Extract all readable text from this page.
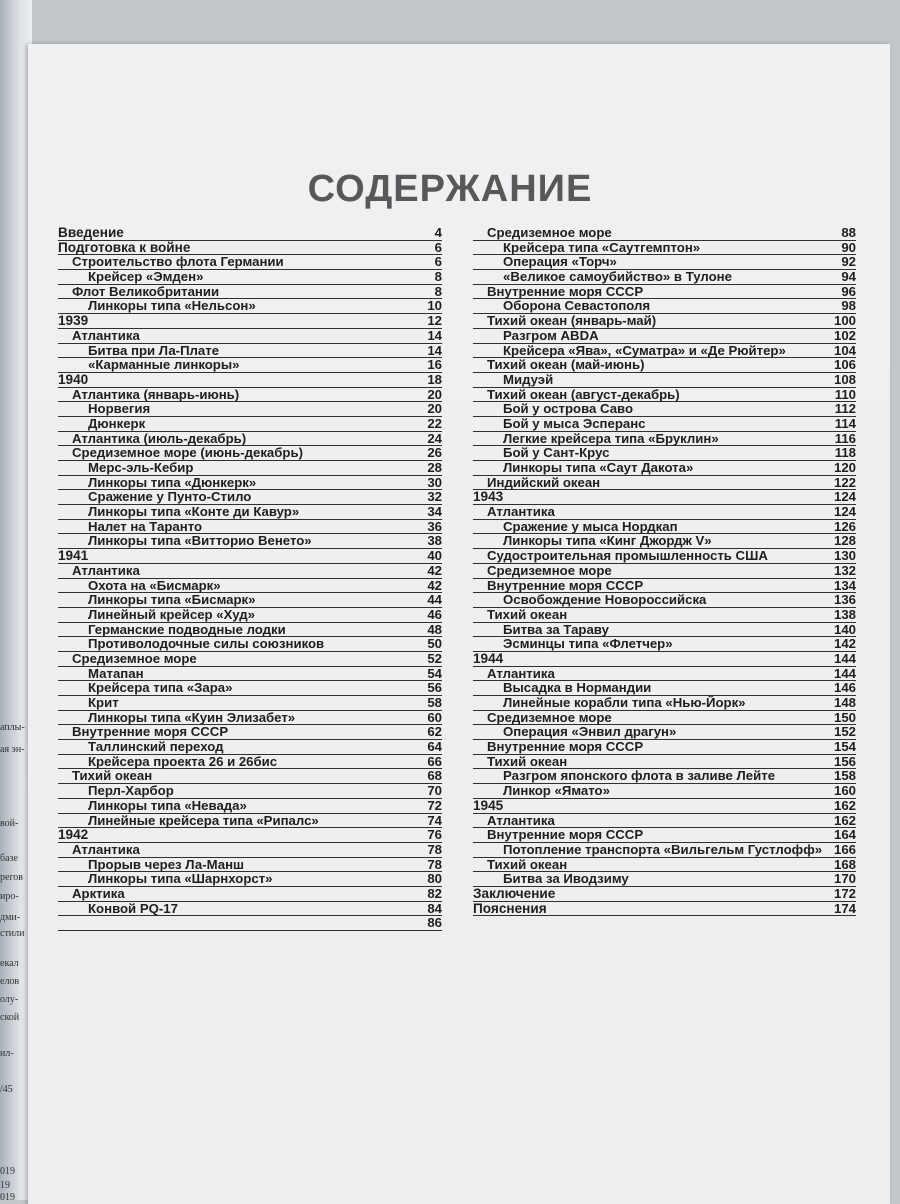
аплы-
ая эн-
вой-
базе
регов
иро-
дми-
стили
екал
елов
олу-
ской
ил-
/45
019
19
019
СОДЕРЖАНИЕ
Введение	4
Подготовка к войне	6
Строительство флота Германии	6
Крейсер «Эмден»	8
Флот Великобритании	8
Линкоры типа «Нельсон»	10
1939	12
Атлантика	14
Битва при Ла-Плате	14
«Карманные линкоры»	16
1940	18
Атлантика (январь-июнь)	20
Норвегия	20
Дюнкерк	22
Атлантика (июль-декабрь)	24
Средиземное море (июнь-декабрь)	26
Мерс-эль-Кебир	28
Линкоры типа «Дюнкерк»	30
Сражение у Пунто-Стило	32
Линкоры типа «Конте ди Кавур»	34
Налет на Таранто	36
Линкоры типа «Витторио Венето»	38
1941	40
Атлантика	42
Охота на «Бисмарк»	42
Линкоры типа «Бисмарк»	44
Линейный крейсер «Худ»	46
Германские подводные лодки	48
Противолодочные силы союзников	50
Средиземное море	52
Матапан	54
Крейсера типа «Зара»	56
Крит	58
Линкоры типа «Куин Элизабет»	60
Внутренние моря СССР	62
Таллинский переход	64
Крейсера проекта 26 и 26бис	66
Тихий океан	68
Перл-Харбор	70
Линкоры типа «Невада»	72
Линейные крейсера типа «Рипалс»	74
1942	76
Атлантика	78
Прорыв через Ла-Манш	78
Линкоры типа «Шарнхорст»	80
Арктика	82
Конвой PQ-17	84
86
Средиземное море	88
Крейсера типа «Саутгемптон»	90
Операция «Торч»	92
«Великое самоубийство» в Тулоне	94
Внутренние моря СССР	96
Оборона Севастополя	98
Тихий океан (январь-май)	100
Разгром ABDA	102
Крейсера «Ява», «Суматра» и «Де Рюйтер»	104
Тихий океан (май-июнь)	106
Мидуэй	108
Тихий океан (август-декабрь)	110
Бой у острова Саво	112
Бой у мыса Эсперанс	114
Легкие крейсера типа «Бруклин»	116
Бой у Сант-Крус	118
Линкоры типа «Саут Дакота»	120
Индийский океан	122
1943	124
Атлантика	124
Сражение у мыса Нордкап	126
Линкоры типа «Кинг Джордж V»	128
Судостроительная промышленность США	130
Средиземное море	132
Внутренние моря СССР	134
Освобождение Новороссийска	136
Тихий океан	138
Битва за Тараву	140
Эсминцы типа «Флетчер»	142
1944	144
Атлантика	144
Высадка в Нормандии	146
Линейные корабли типа «Нью-Йорк»	148
Средиземное море	150
Операция «Энвил драгун»	152
Внутренние моря СССР	154
Тихий океан	156
Разгром японского флота в заливе Лейте	158
Линкор «Ямато»	160
1945	162
Атлантика	162
Внутренние моря СССР	164
Потопление транспорта «Вильгельм Густлофф» 166
Тихий океан	168
Битва за Иводзиму	170
Заключение	172
Пояснения	174
